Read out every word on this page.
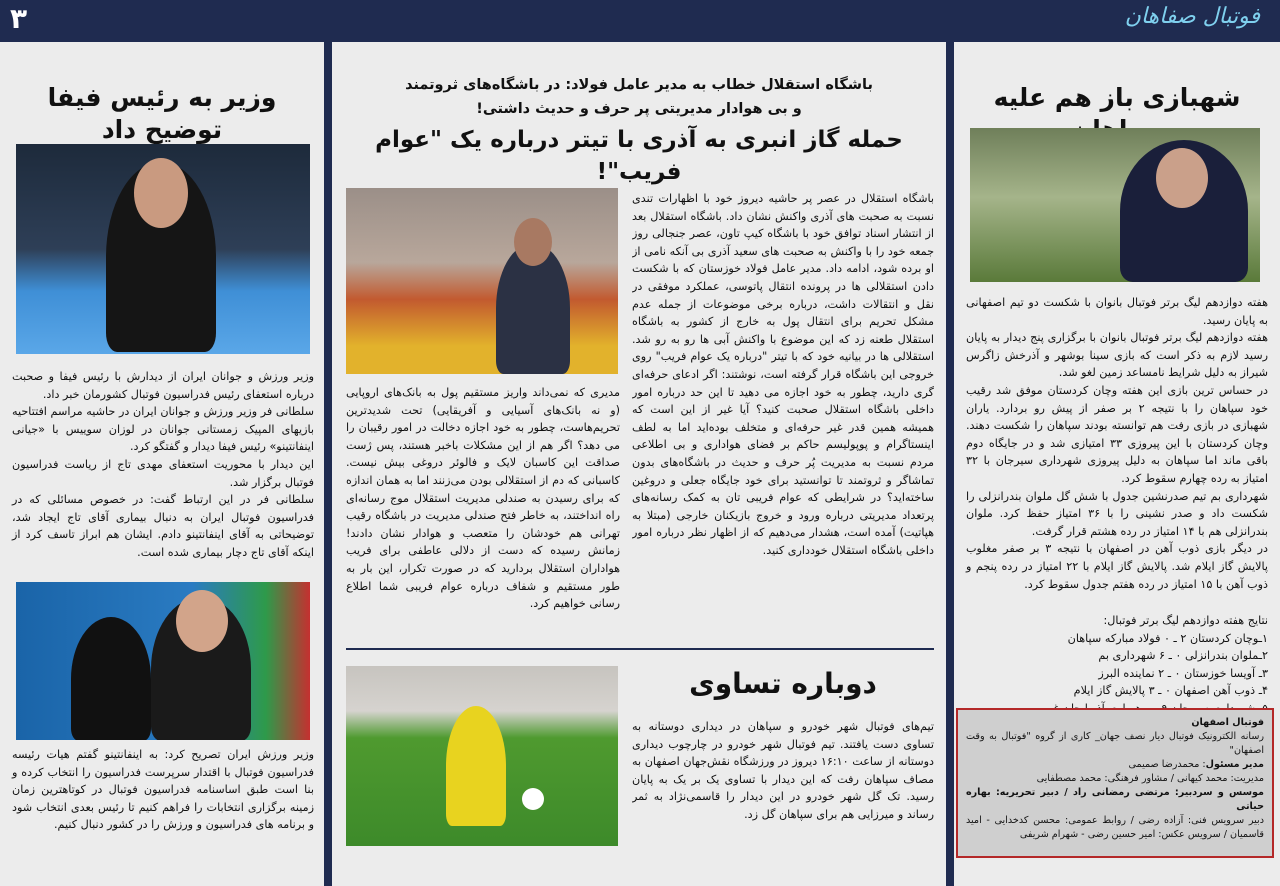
۳	فوتبال صفاهان
وزیر به رئیس فیفا توضیح داد
وزیر ورزش و جوانان ایران از دیدارش با رئیس فیفا و صحبت درباره استعفای رئیس فدراسیون فوتبال کشورمان خبر داد.
سلطانی فر وزیر ورزش و جوانان ایران در حاشیه مراسم افتتاحیه بازیهای المپیک زمستانی جوانان در لوزان سوییس با «جیانی اینفانتینو» رئیس فیفا دیدار و گفتگو کرد.
این دیدار با محوریت استعفای مهدی تاج از ریاست فدراسیون فوتبال برگزار شد.
سلطانی فر در این ارتباط گفت: در خصوص مسائلی که در فدراسیون فوتبال ایران به دنبال بیماری آقای تاج ایجاد شد، توضیحاتی به آقای اینفانتینو دادم. ایشان هم ابراز تاسف کرد از اینکه آقای تاج دچار بیماری شده است.
وزیر ورزش ایران تصریح کرد: به اینفانتینو گفتم هیات رئیسه فدراسیون فوتبال با اقتدار سرپرست فدراسیون را انتخاب کرده و بنا است طبق اساسنامه فدراسیون فوتبال در کوتاهترین زمان زمینه برگزاری انتخابات را فراهم کنیم تا رئیس بعدی انتخاب شود و برنامه های فدراسیون و ورزش را در کشور دنبال کنیم.
باشگاه استقلال خطاب به مدیر عامل فولاد: در باشگاه‌های ثروتمند
و بی هوادار مدیریتی پر حرف و حدیث داشتی!
حمله گاز انبری به آذری با تیتر درباره یک "عوام فریب"!
باشگاه استقلال در عصر پر حاشیه دیروز خود با اظهارات تندی نسبت به صحبت های آذری واکنش نشان داد. باشگاه استقلال بعد از انتشار اسناد توافق خود با باشگاه کیپ تاون، عصر جنجالی روز جمعه خود را با واکنش به صحبت های سعید آذری بی آنکه نامی از او برده شود، ادامه داد. مدیر عامل فولاد خوزستان که با شکست دادن استقلالی ها در پرونده انتقال پاتوسی، عملکرد موفقی در نقل و انتقالات داشت، درباره برخی موضوعات از جمله عدم مشکل تحریم برای انتقال پول به خارج از کشور به باشگاه استقلال طعنه زد که این موضوع با واکنش آبی ها رو به رو شد. استقلالی ها در بیانیه خود که با تیتر "درباره یک عوام فریب" روی خروجی این باشگاه قرار گرفته است، نوشتند: اگر ادعای حرفه‌ای گری دارید، چطور به خود اجازه می دهید تا این حد درباره امور داخلی باشگاه استقلال صحبت کنید؟ آیا غیر از این است که همیشه همین قدر غیر حرفه‌ای و متخلف بوده‌اید اما به لطف اینستاگرام و پوپولیسم حاکم بر فضای هواداری و بی اطلاعی مردم نسبت به مدیریت پُر حرف و حدیث در باشگاه‌های بدون تماشاگر و ثروتمند تا توانستید برای خود جایگاه جعلی و دروغین ساخته‌اید؟ در شرایطی که عوام فریبی تان به کمک رسانه‌های پرتعداد مدیریتی درباره ورود و خروج بازیکنان خارجی (مبتلا به هپاتیت) آمده است، هشدار می‌دهیم که از اظهار نظر درباره امور داخلی باشگاه استقلال خودداری کنید.
مدیری که نمی‌داند واریز مستقیم پول به بانک‌های اروپایی (و نه بانک‌های آسیایی و آفریقایی) تحت شدیدترین تحریم‌هاست، چطور به خود اجازه دخالت در امور رقیبان را می دهد؟ اگر هم از این مشکلات باخبر هستند، پس ژست صداقت این کاسبان لایک و فالوئر دروغی بیش نیست. کاسبانی که دم از استقلالی بودن می‌زنند اما به همان اندازه که برای رسیدن به صندلی مدیریت استقلال موج رسانه‌ای راه انداختند، به خاطر فتح صندلی مدیریت در باشگاه رقیب تهرانی هم خودشان را متعصب و هوادار نشان دادند! زمانش رسیده که دست از دلالی عاطفی برای فریب هواداران استقلال بردارید که در صورت تکرار، این بار به طور مستقیم و شفاف درباره عوام فریبی شما اطلاع رسانی خواهیم کرد.
دوباره تساوی
تیم‌های فوتبال شهر خودرو و سپاهان در دیداری دوستانه به تساوی دست یافتند. تیم فوتبال شهر خودرو در چارچوب دیداری دوستانه از ساعت ۱۶:۱۰ دیروز در ورزشگاه نقش‌جهان اصفهان به مصاف سپاهان رفت که این دیدار با تساوی یک بر یک به پایان رسید. تک گل شهر خودرو در این دیدار را قاسمی‌نژاد به ثمر رساند و میرزایی هم برای سپاهان گل زد.
شهبازی باز هم علیه
هفته دوازدهم لیگ برتر فوتبال بانوان با شکست دو تیم اصفهانی به پایان رسید.
هفته دوازدهم لیگ برتر فوتبال بانوان با برگزاری پنج دیدار به پایان رسید لازم به ذکر است که بازی سینا بوشهر و آذرخش زاگرس شیراز به دلیل شرایط نامساعد زمین لغو شد.
در حساس ترین بازی این هفته وچان کردستان موفق شد رقیب خود سپاهان را با نتیجه ۲ بر صفر از پیش رو بردارد. یاران شهبازی در بازی رفت هم توانسته بودند سپاهان را شکست دهند. وچان کردستان با این پیروزی ۳۳ امتیازی شد و در جایگاه دوم باقی ماند اما سپاهان به دلیل پیروزی شهرداری سیرجان با ۳۲ امتیاز به رده چهارم سقوط کرد.
شهرداری بم تیم صدرنشین جدول با شش گل ملوان بندرانزلی را شکست داد و صدر نشینی را با ۳۶ امتیاز حفظ کرد. ملوان بندرانزلی هم با ۱۴ امتیاز در رده هشتم قرار گرفت.
در دیگر بازی ذوب آهن در اصفهان با نتیجه ۳ بر صفر مغلوب پالایش گاز ایلام شد. پالایش گاز ایلام با ۲۲ امتیاز در رده پنجم و ذوب آهن با ۱۵ امتیاز در رده هفتم جدول سقوط کرد.
نتایج هفته دوازدهم لیگ برتر فوتبال:
۱ـوچان کردستان ۲ ـ ۰ فولاد مبارکه سپاهان
۲ـملوان بندرانزلی ۰ ـ ۶ شهرداری بم
۳ـ آویسا خوزستان ۰ ـ ۲ نماینده البرز
۴ـ ذوب آهن اصفهان ۰ ـ ۳ پالایش گاز ایلام
فوتبال اصفهان
رسانه الکترونیک فوتبال دیار نصف جهان_ کاری از گروه "فوتبال به وقت اصفهان"
مدیر مسئول: محمدرضا صمیمی
مدیریت: محمد کیهانی / مشاور فرهنگی: محمد مصطفایی
موسس و سردبیر: مرتضی رمضانی راد / دبیر تحریریه: بهاره حیاتی
دبیر سرویس فنی: آزاده رضی / روابط عمومی: محسن کدخدایی - امید قاسمیان / سرویس عکس: امیر حسین رضی - شهرام شریفی
